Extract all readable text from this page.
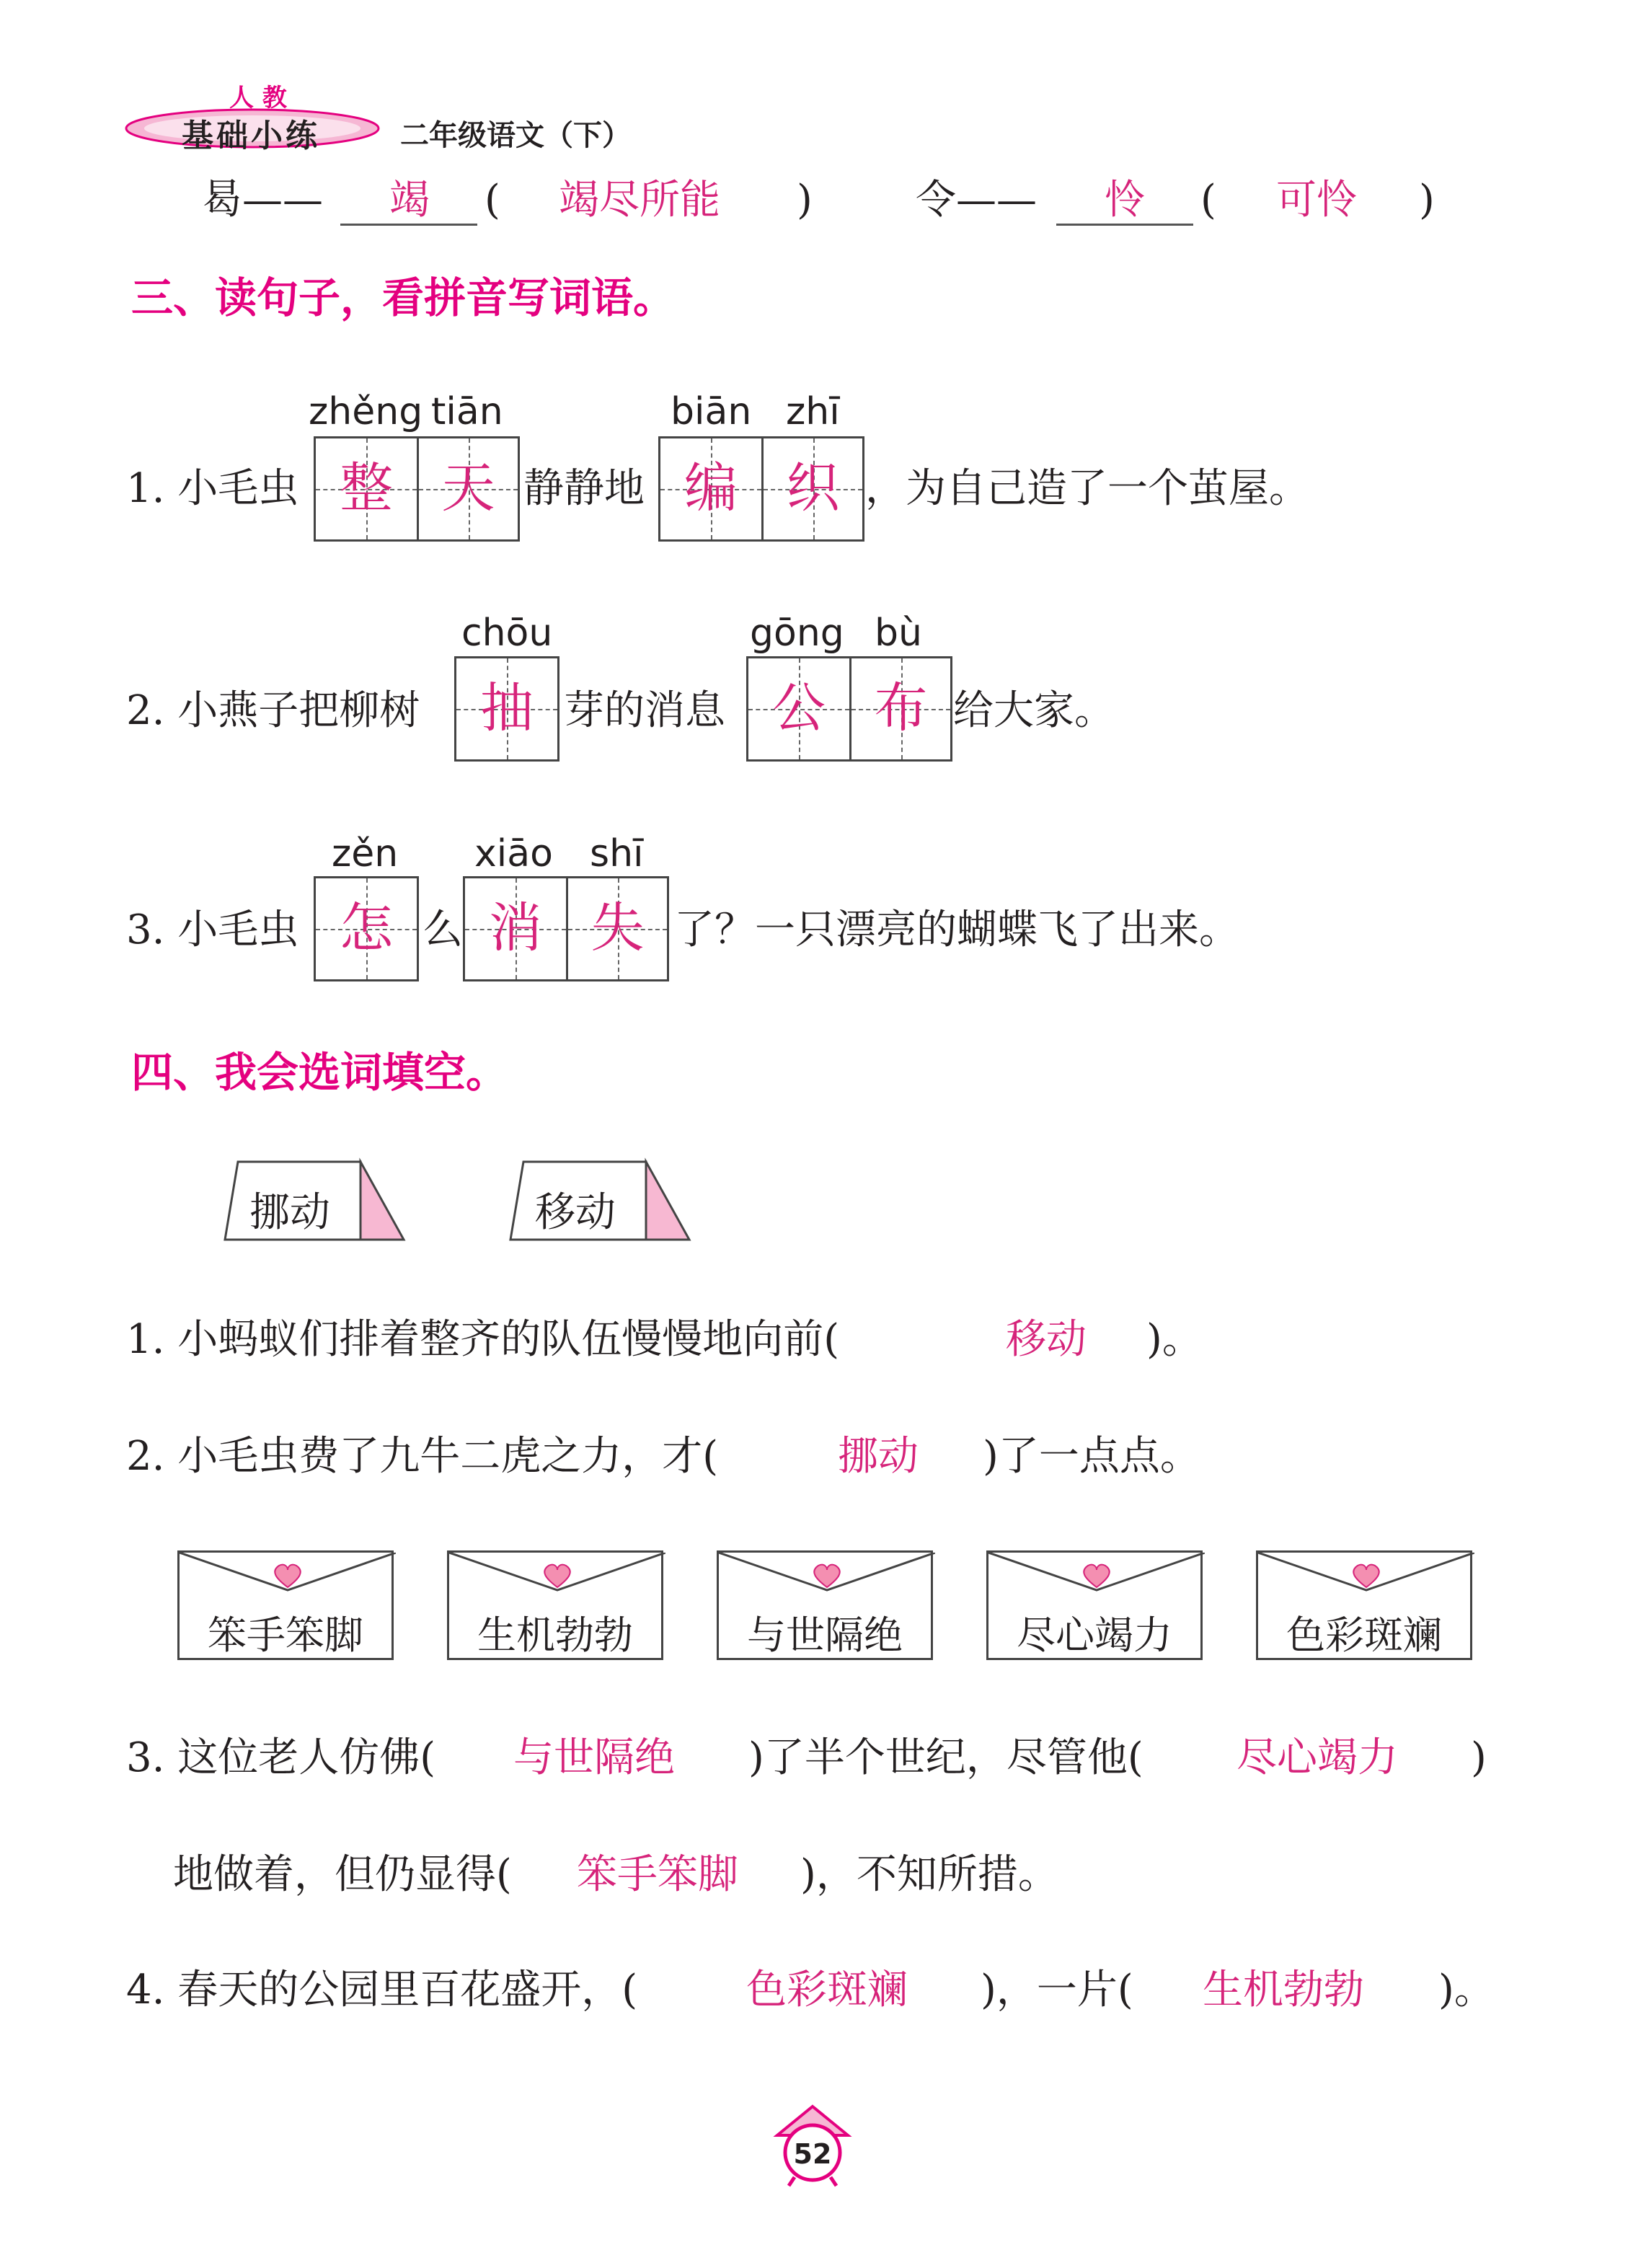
人 教
基础小练	二年级语文（下）
曷—— 竭 ( 竭尽所能 )	令—— 怜 ( 可怜 )
三、读句子，看拼音写词语。
zhěng tiān	biān zhī
1. 小毛虫 整 天 静静地 编 织 ，为自己造了一个茧屋。
chōu	gōng bù
2. 小燕子把柳树	抽 芽的消息 公 布 给大家。
zěn xiāo shī
3. 小毛虫 怎 么 消 失 了？一只漂亮的蝴蝶飞了出来。
四、我会选词填空。
挪动	移动
1. 小蚂蚁们排着整齐的队伍慢慢地向前(	移动 )。
2. 小毛虫费了九牛二虎之力，才(	挪动 )了一点点。
笨手笨脚	生机勃勃	与世隔绝	尽心竭力	色彩斑斓
3. 这位老人仿佛( 与世隔绝 )了半个世纪，尽管他( 尽心竭力 )
地做着，但仍显得( 笨手笨脚 )，不知所措。
4. 春天的公园里百花盛开，(	色彩斑斓 )，一片( 生机勃勃 )。
52
